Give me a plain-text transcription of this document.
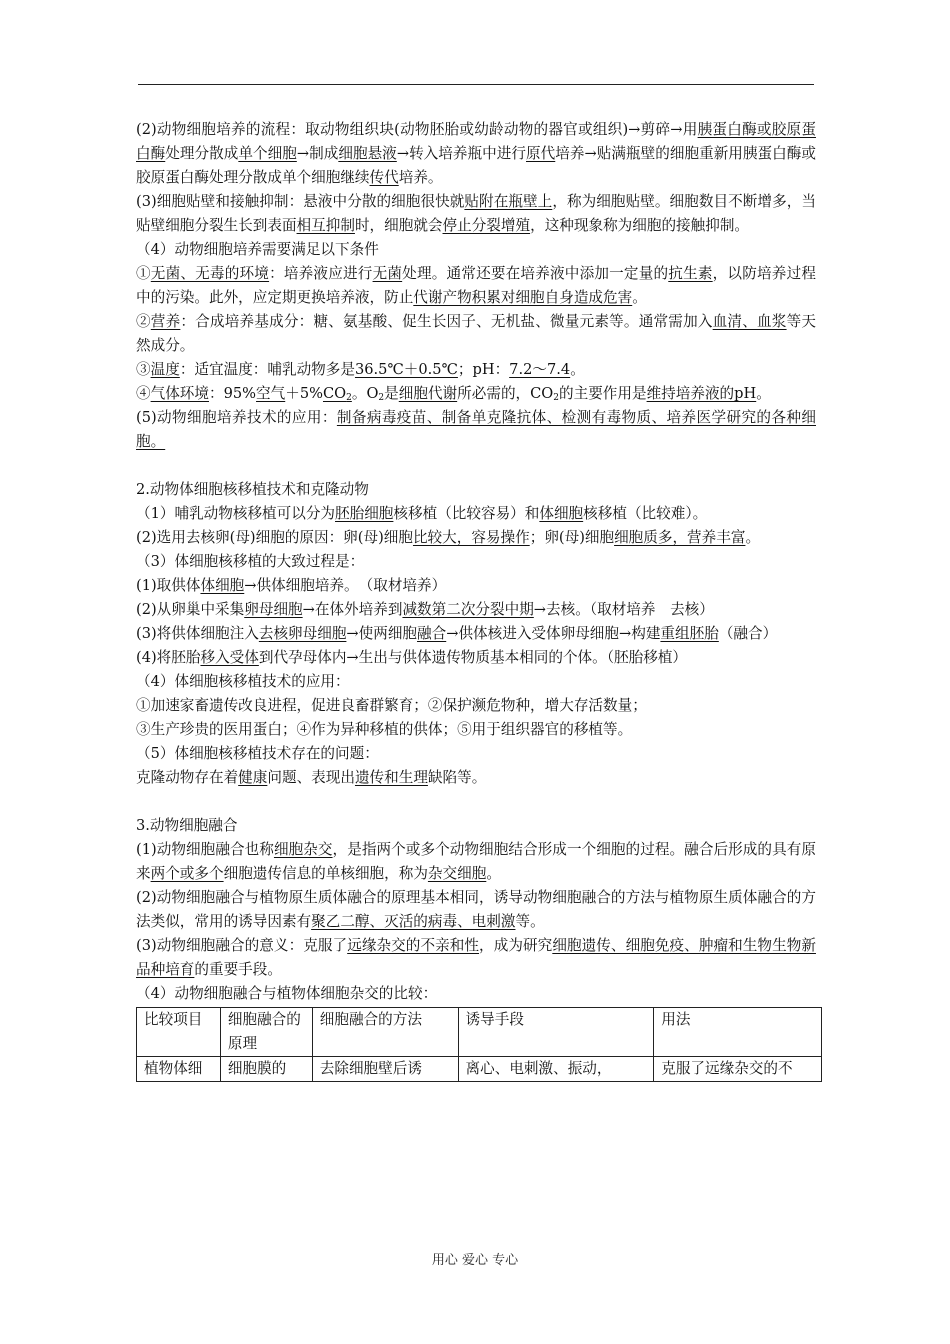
(2)动物细胞培养的流程：取动物组织块(动物胚胎或幼龄动物的器官或组织)→剪碎→用胰蛋白酶或胶原蛋白酶处理分散成单个细胞→制成细胞悬液→转入培养瓶中进行原代培养→贴满瓶壁的细胞重新用胰蛋白酶或胶原蛋白酶处理分散成单个细胞继续传代培养。

(3)细胞贴壁和接触抑制：悬液中分散的细胞很快就贴附在瓶壁上，称为细胞贴壁。细胞数目不断增多，当贴壁细胞分裂生长到表面相互抑制时，细胞就会停止分裂增殖，这种现象称为细胞的接触抑制。

（4）动物细胞培养需要满足以下条件

①无菌、无毒的环境：培养液应进行无菌处理。通常还要在培养液中添加一定量的抗生素，以防培养过程中的污染。此外，应定期更换培养液，防止代谢产物积累对细胞自身造成危害。

②营养：合成培养基成分：糖、氨基酸、促生长因子、无机盐、微量元素等。通常需加入血清、血浆等天然成分。

③温度：适宜温度：哺乳动物多是36.5℃＋0.5℃；pH：7.2～7.4。

④气体环境：95%空气$+5\%CO_2$。$O_2$是细胞代谢所必需的，$CO_2$的主要作用是维持培养液的pH。

(5)动物细胞培养技术的应用：制备病毒疫苗、制备单克隆抗体、检测有毒物质、培养医学研究的各种细胞。

2.动物体细胞核移植技术和克隆动物

（1）哺乳动物核移植可以分为胚胎细胞核移植（比较容易）和体细胞核移植（比较难）。

(2)选用去核卵(母)细胞的原因：卵(母)细胞比较大，容易操作；卵(母)细胞细胞质多，营养丰富。

（3）体细胞核移植的大致过程是：

(1)取供体体细胞→供体细胞培养。　（取材培养）

(2)从卵巢中采集卵母细胞→在体外培养到减数第二次分裂中期→去核。（取材培养　去核）

(3)将供体细胞注入去核卵母细胞→使两细胞融合→供体核进入受体卵母细胞→构建重组胚胎（融合）

(4)将胚胎移入受体到代孕母体内→生出与供体遗传物质基本相同的个体。（胚胎移植）

（4）体细胞核移植技术的应用：

①加速家畜遗传改良进程，促进良畜群繁育；②保护濒危物种，增大存活数量；

③生产珍贵的医用蛋白；④作为异种移植的供体；⑤用于组织器官的移植等。

（5）体细胞核移植技术存在的问题：

克隆动物存在着健康问题、表现出遗传和生理缺陷等。

3.动物细胞融合

(1)动物细胞融合也称细胞杂交，是指两个或多个动物细胞结合形成一个细胞的过程。融合后形成的具有原来两个或多个细胞遗传信息的单核细胞，称为杂交细胞。

(2)动物细胞融合与植物原生质体融合的原理基本相同，诱导动物细胞融合的方法与植物原生质体融合的方法类似，常用的诱导因素有聚乙二醇、灭活的病毒、电刺激等。

(3)动物细胞融合的意义：克服了远缘杂交的不亲和性，成为研究细胞遗传、细胞免疫、肿瘤和生物生物新品种培育的重要手段。

（4）动物细胞融合与植物体细胞杂交的比较：

比较项目	细胞融合的原理	细胞融合的方法	诱导手段	用法
植物体细	细胞膜的	去除细胞壁后诱	离心、电刺激、振动，	克服了远缘杂交的不
用心 爱心 专心
